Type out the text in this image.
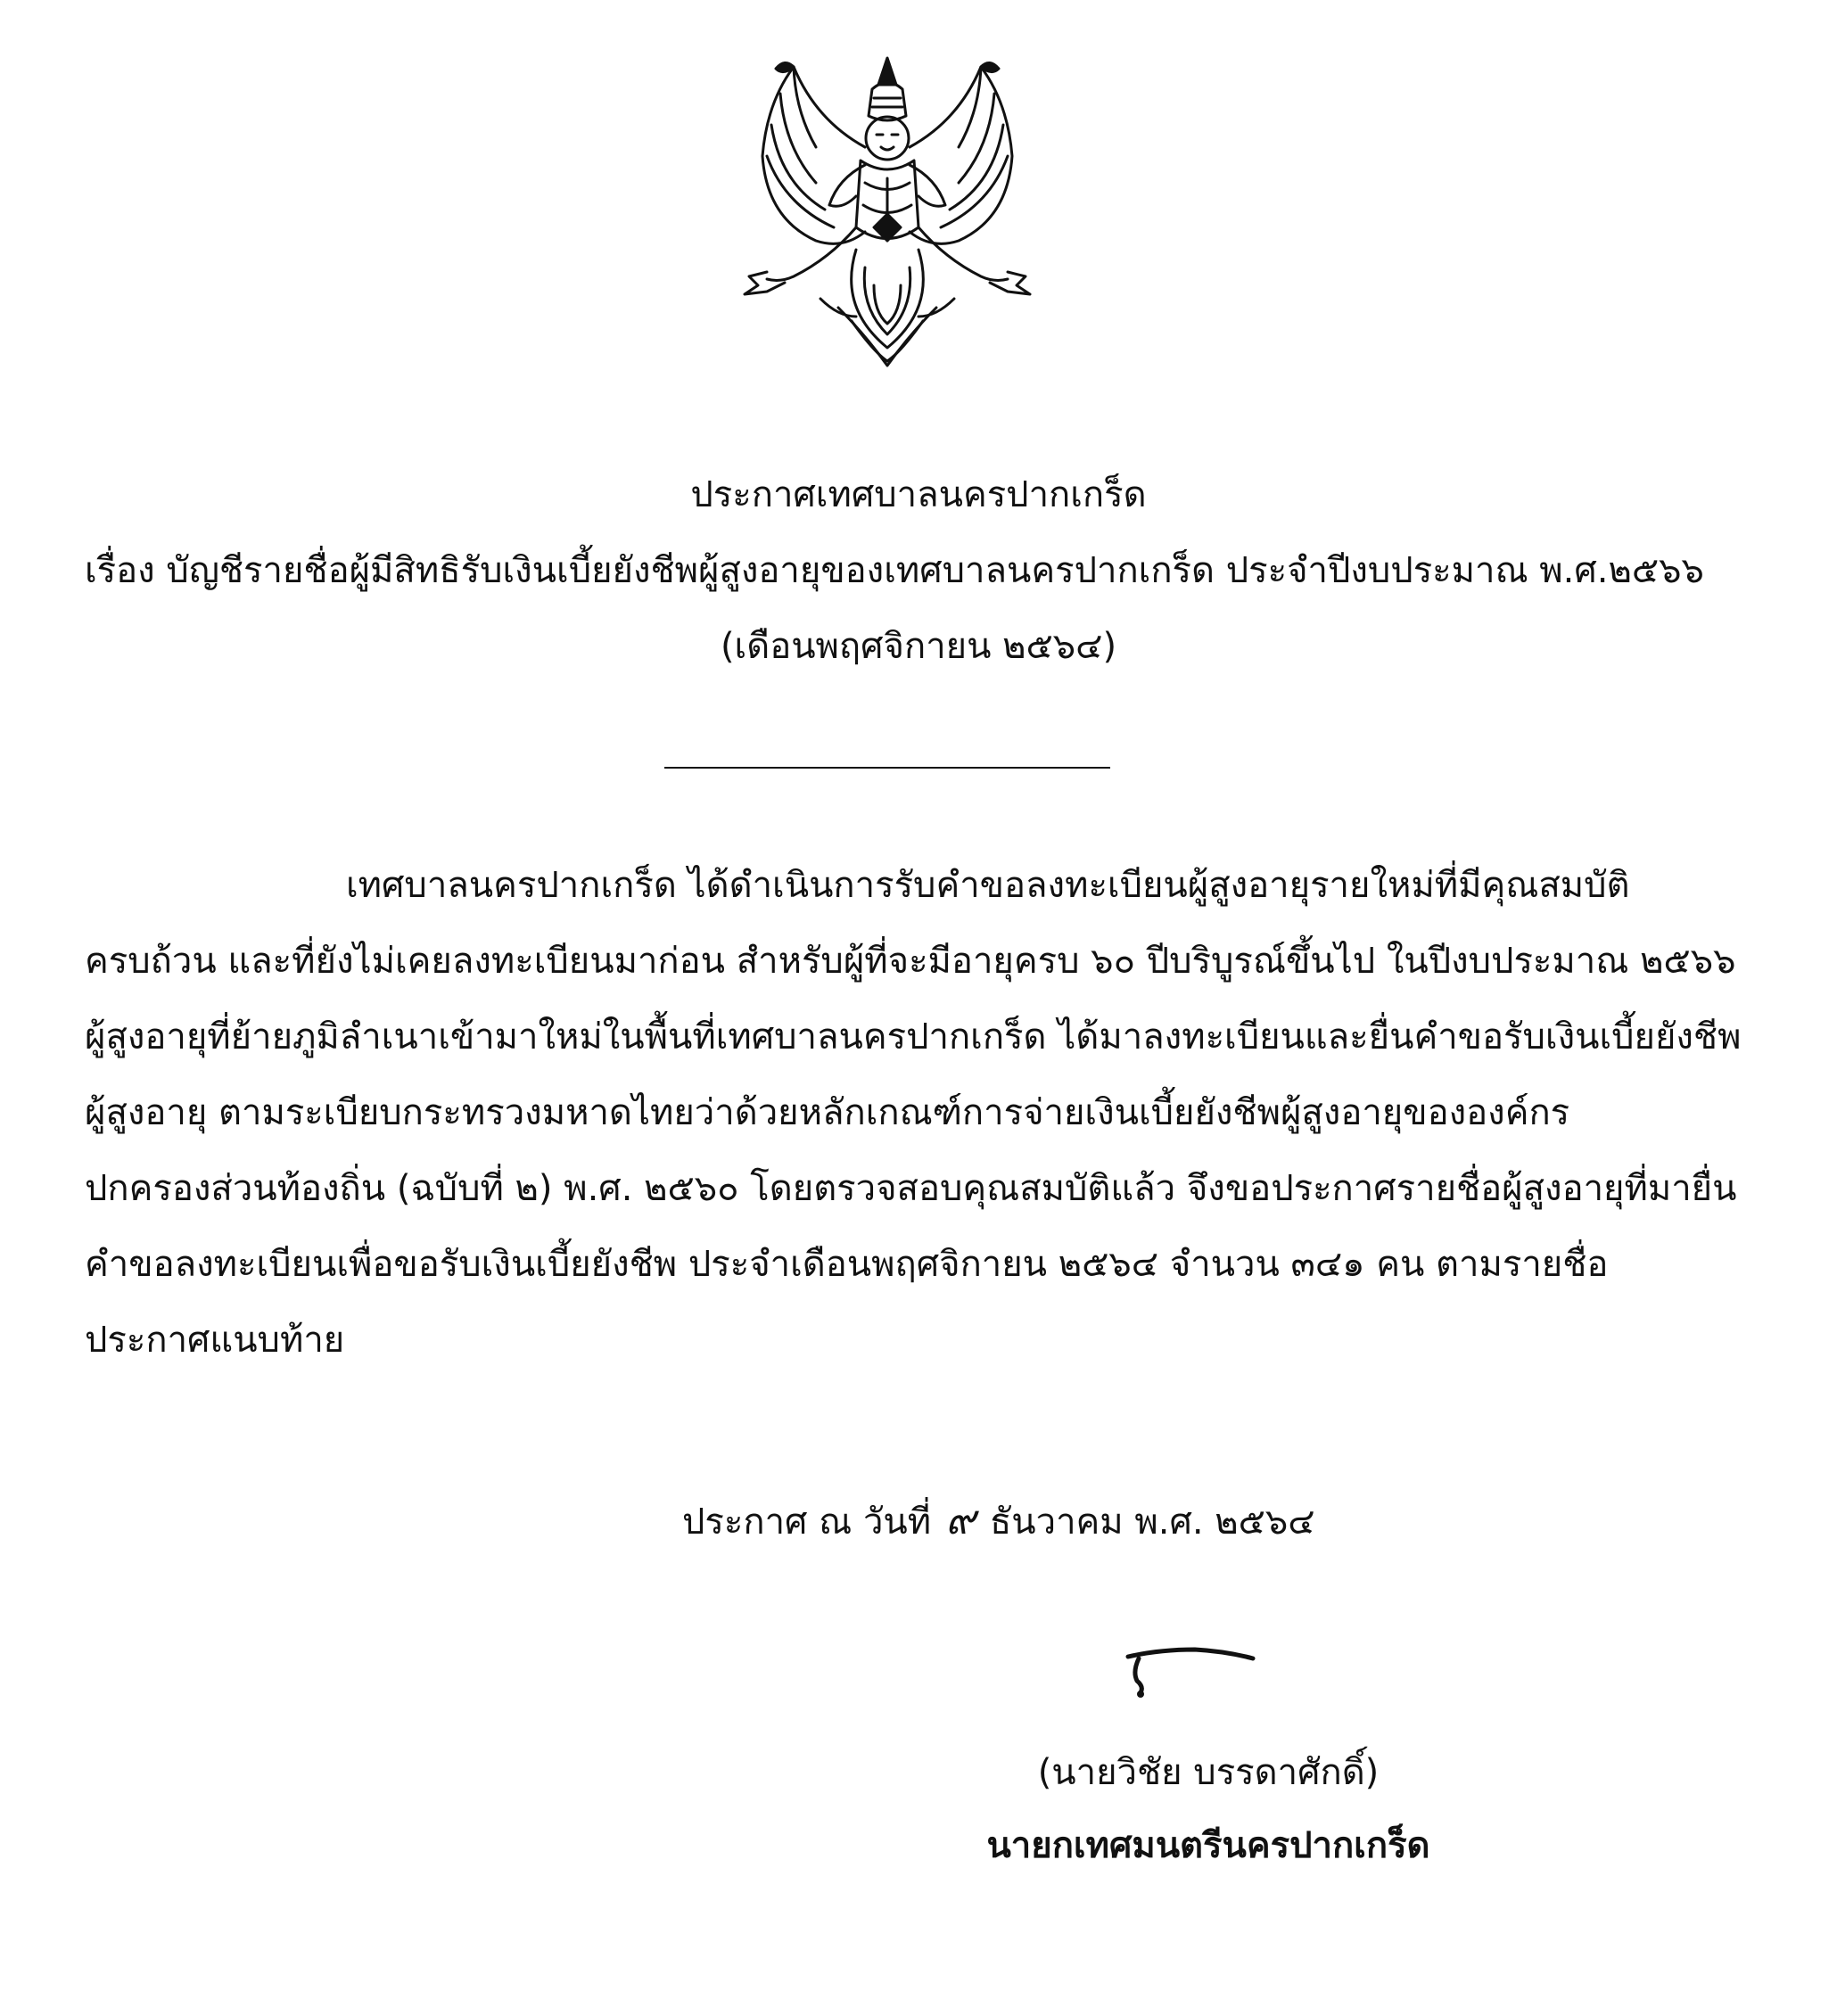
ประกาศเทศบาลนครปากเกร็ด
เรื่อง บัญชีรายชื่อผู้มีสิทธิรับเงินเบี้ยยังชีพผู้สูงอายุของเทศบาลนครปากเกร็ด ประจำปีงบประมาณ พ.ศ.๒๕๖๖
(เดือนพฤศจิกายน ๒๕๖๔)
เทศบาลนครปากเกร็ด ได้ดำเนินการรับคำขอลงทะเบียนผู้สูงอายุรายใหม่ที่มีคุณสมบัติ
ครบถ้วน และที่ยังไม่เคยลงทะเบียนมาก่อน สำหรับผู้ที่จะมีอายุครบ ๖๐ ปีบริบูรณ์ขึ้นไป ในปีงบประมาณ ๒๕๖๖
ผู้สูงอายุที่ย้ายภูมิลำเนาเข้ามาใหม่ในพื้นที่เทศบาลนครปากเกร็ด ได้มาลงทะเบียนและยื่นคำขอรับเงินเบี้ยยังชีพ
ผู้สูงอายุ ตามระเบียบกระทรวงมหาดไทยว่าด้วยหลักเกณฑ์การจ่ายเงินเบี้ยยังชีพผู้สูงอายุขององค์กร
ปกครองส่วนท้องถิ่น (ฉบับที่ ๒) พ.ศ. ๒๕๖๐ โดยตรวจสอบคุณสมบัติแล้ว จึงขอประกาศรายชื่อผู้สูงอายุที่มายื่น
คำขอลงทะเบียนเพื่อขอรับเงินเบี้ยยังชีพ ประจำเดือนพฤศจิกายน ๒๕๖๔ จำนวน ๓๔๑ คน ตามรายชื่อ
ประกาศแนบท้าย
ประกาศ ณ วันที่ ๙ ธันวาคม พ.ศ. ๒๕๖๔
(นายวิชัย บรรดาศักดิ์)
นายกเทศมนตรีนครปากเกร็ด
